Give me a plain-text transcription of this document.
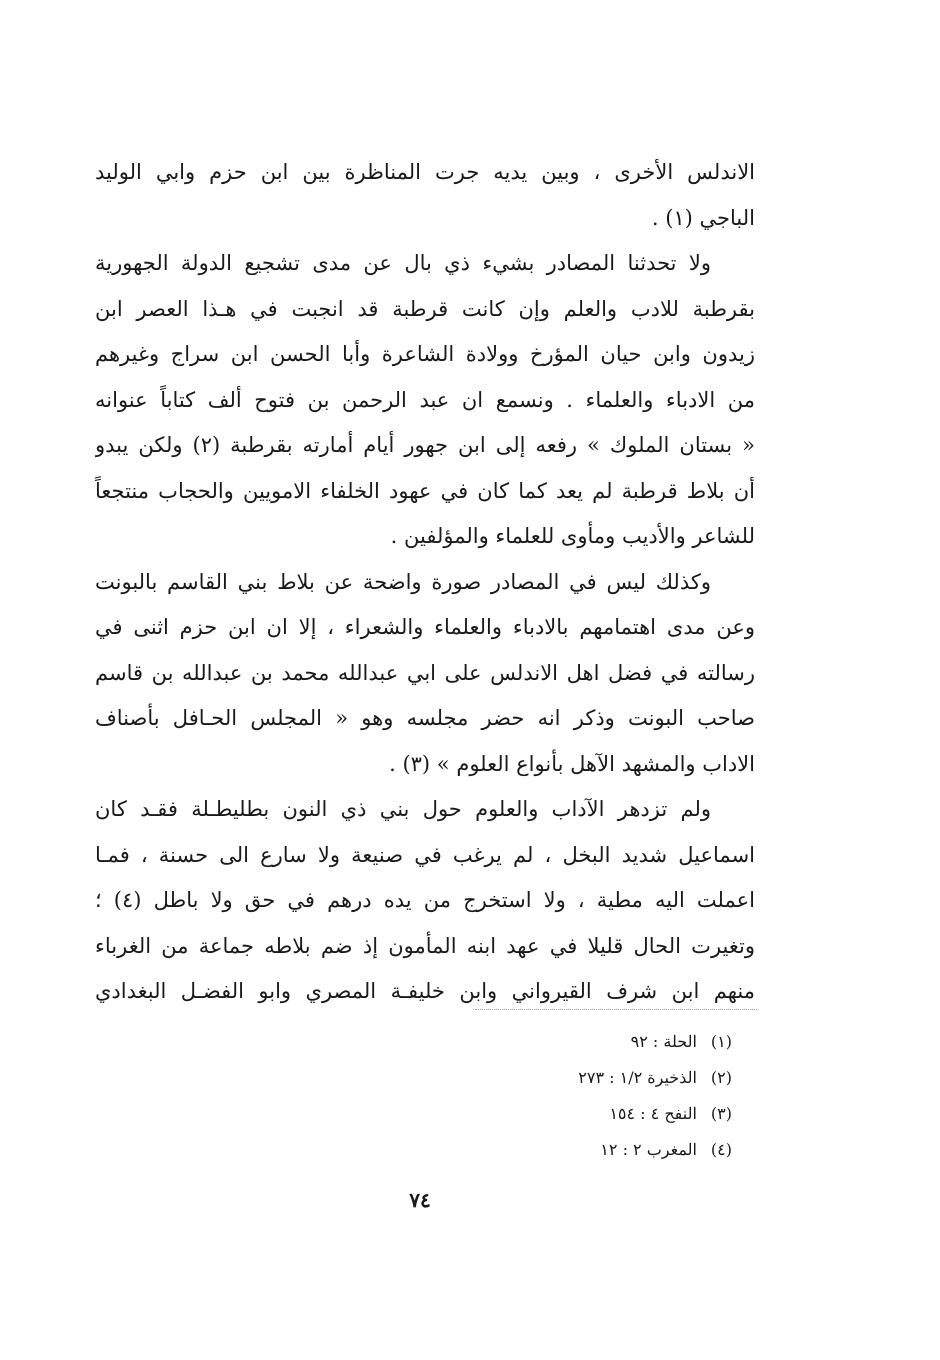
الاندلس الأخرى ، وبين يديه جرت المناظرة بين ابن حزم وابي الوليد
الباجي (١) .
ولا تحدثنا المصادر بشيء ذي بال عن مدى تشجيع الدولة الجهورية
بقرطبة للادب والعلم وإن كانت قرطبة قد انجبت في هـذا العصر ابن
زيدون وابن حيان المؤرخ وولادة الشاعرة وأبا الحسن ابن سراج وغيرهم
من الادباء والعلماء . ونسمع ان عبد الرحمن بن فتوح ألف كتاباً عنوانه
« بستان الملوك » رفعه إلى ابن جهور أيام أمارته بقرطبة (٢) ولكن يبدو
أن بلاط قرطبة لم يعد كما كان في عهود الخلفاء الامويين والحجاب منتجعاً
للشاعر والأديب ومأوى للعلماء والمؤلفين .
وكذلك ليس في المصادر صورة واضحة عن بلاط بني القاسم بالبونت
وعن مدى اهتمامهم بالادباء والعلماء والشعراء ، إلا ان ابن حزم اثنى في
رسالته في فضل اهل الاندلس على ابي عبدالله محمد بن عبدالله بن قاسم
صاحب البونت وذكر انه حضر مجلسه وهو « المجلس الحـافل بأصناف
الاداب والمشهد الآهل بأنواع العلوم » (٣) .
ولم تزدهر الآداب والعلوم حول بني ذي النون بطليطـلة فقـد كان
اسماعيل شديد البخل ، لم يرغب في صنيعة ولا سارع الى حسنة ، فمـا
اعملت اليه مطية ، ولا استخرج من يده درهم في حق ولا باطل (٤) ؛
وتغيرت الحال قليلا في عهد ابنه المأمون إذ ضم بلاطه جماعة من الغرباء
منهم ابن شرف القيرواني وابن خليفـة المصري وابو الفضـل البغدادي
(١) الحلة : ٩٢
(٢) الذخيرة ١/٢ : ٢٧٣
(٣) النفح ٤ : ١٥٤
(٤) المغرب ٢ : ١٢
٧٤
